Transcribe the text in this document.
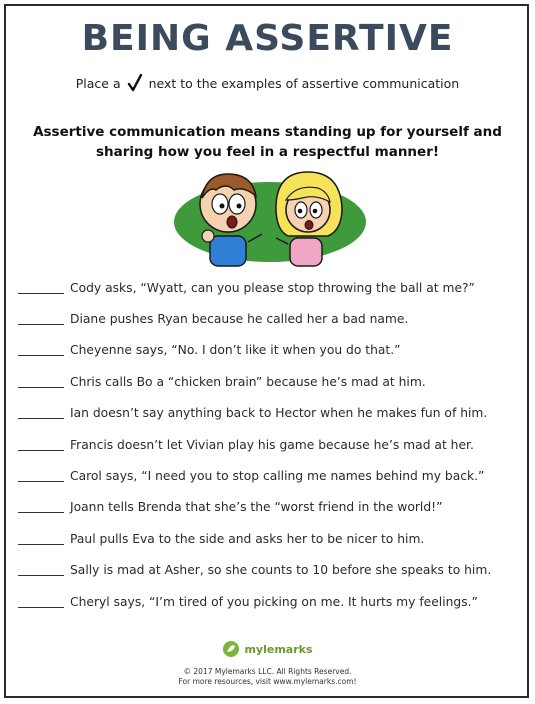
BEING ASSERTIVE
Place a next to the examples of assertive communication
Assertive communication means standing up for yourself and sharing how you feel in a respectful manner!
Cody asks, “Wyatt, can you please stop throwing the ball at me?”
Diane pushes Ryan because he called her a bad name.
Cheyenne says, “No. I don’t like it when you do that.”
Chris calls Bo a “chicken brain” because he’s mad at him.
Ian doesn’t say anything back to Hector when he makes fun of him.
Francis doesn’t let Vivian play his game because he’s mad at her.
Carol says, “I need you to stop calling me names behind my back.”
Joann tells Brenda that she’s the “worst friend in the world!”
Paul pulls Eva to the side and asks her to be nicer to him.
Sally is mad at Asher, so she counts to 10 before she speaks to him.
Cheryl says, “I’m tired of you picking on me. It hurts my feelings.”
mylemarks
© 2017 Mylemarks LLC. All Rights Reserved.
For more resources, visit www.mylemarks.com!
